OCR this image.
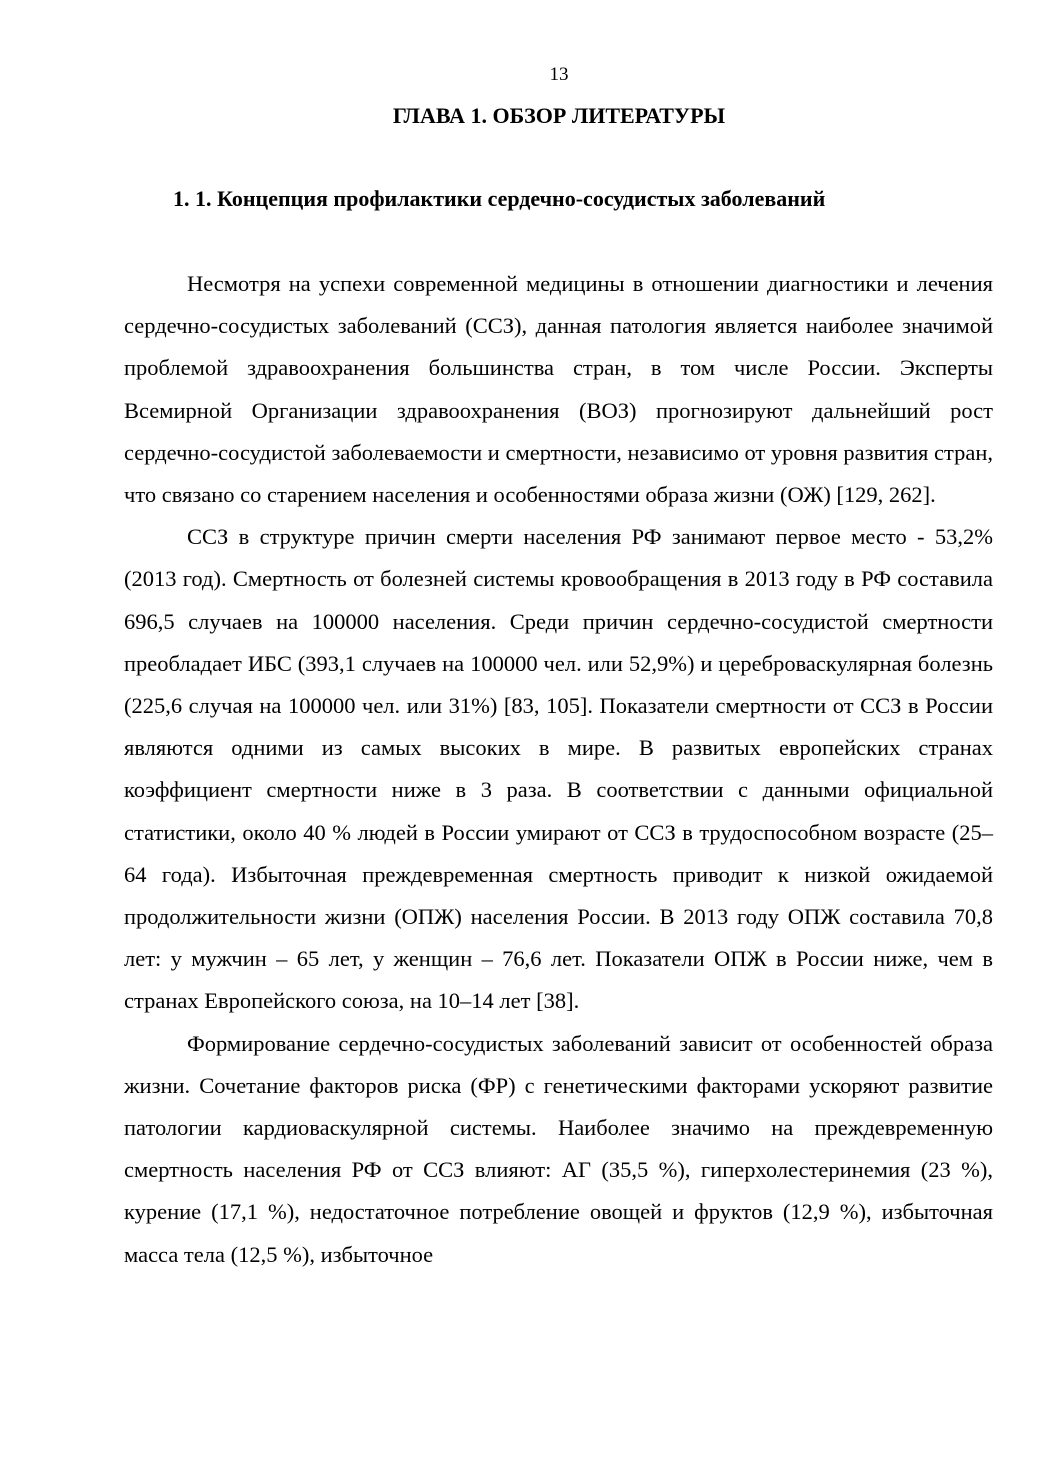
13
ГЛАВА 1. ОБЗОР ЛИТЕРАТУРЫ
1. 1. Концепция профилактики сердечно-сосудистых заболеваний

Несмотря на успехи современной медицины в отношении диагностики и лечения сердечно-сосудистых заболеваний (ССЗ), данная патология является наиболее значимой проблемой здравоохранения большинства стран, в том числе России. Эксперты Всемирной Организации здравоохранения (ВОЗ) прогнозируют дальнейший рост сердечно-сосудистой заболеваемости и смертности, независимо от уровня развития стран, что связано со старением населения и особенностями образа жизни (ОЖ) [129, 262].

ССЗ в структуре причин смерти населения РФ занимают первое место - 53,2% (2013 год). Смертность от болезней системы кровообращения в 2013 году в РФ составила 696,5 случаев на 100000 населения. Среди причин сердечно-сосудистой смертности преобладает ИБС (393,1 случаев на 100000 чел. или 52,9%) и цереброваскулярная болезнь (225,6 случая на 100000 чел. или 31%) [83, 105]. Показатели смертности от ССЗ в России являются одними из самых высоких в мире. В развитых европейских странах коэффициент смертности ниже в 3 раза. В соответствии с данными официальной статистики, около 40 % людей в России умирают от ССЗ в трудоспособном возрасте (25–64 года). Избыточная преждевременная смертность приводит к низкой ожидаемой продолжительности жизни (ОПЖ) населения России. В 2013 году ОПЖ составила 70,8 лет: у мужчин – 65 лет, у женщин – 76,6 лет. Показатели ОПЖ в России ниже, чем в странах Европейского союза, на 10–14 лет [38].

Формирование сердечно-сосудистых заболеваний зависит от особенностей образа жизни. Сочетание факторов риска (ФР) с генетическими факторами ускоряют развитие патологии кардиоваскулярной системы. Наиболее значимо на преждевременную смертность населения РФ от ССЗ влияют: АГ (35,5 %), гиперхолестеринемия (23 %), курение (17,1 %), недостаточное потребление овощей и фруктов (12,9 %), избыточная масса тела (12,5 %), избыточное
